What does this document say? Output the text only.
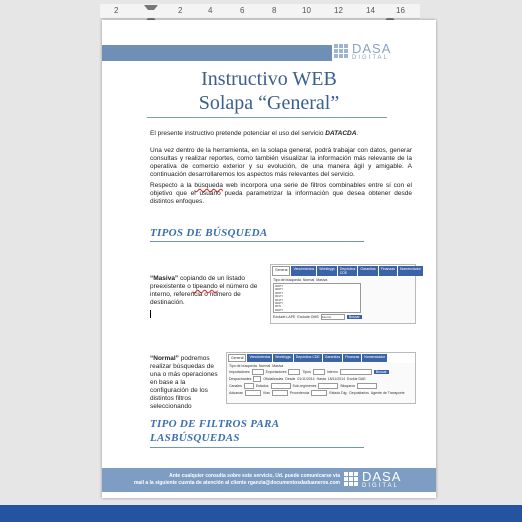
2	2	4	6	8	10	12	14	16
DASA
DIGITAL
Instructivo WEB
Solapa “General”
El presente instructivo pretende potenciar el uso del servicio DATACDA.
Una vez dentro de la herramienta, en la solapa general, podrá trabajar con datos, generar consultas y realizar reportes, como también visualizar la información más relevante de la operativa de comercio exterior y su evolución, de una manera ágil y amigable. A continuación desarrollaremos los aspectos más relevantes del servicio.
Respecto a la búsqueda web incorpora una serie de filtros combinables entre sí con el objetivo que el usuario pueda parametrizar la información que desea obtener desde distintos enfoques.
TIPOS DE BÚSQUEDA
“Masiva” copiando de un listado preexistente o tipeando el número de interno, referencia o número de destinación.
General	Vencimientos	Workbygs	Depósitos CDE
Garantías	Finanzas	Nomenclador
Tipo de búsqueda Normal Masiva
000TI
000TI
000TI
001TI
001TI
000TI
00TI
000TI
Exclude LAPE Exclude OMS	Interno	Buscar
“Normal” podremos realizar búsquedas de una o más operaciones en base a la configuración de los distintos filtros seleccionando
General	Vencimientos	Workbygs	Depósitos CDE	Garantías	Finanzas	Nomenclador
Tipo de búsqueda Normal Masiva
Importadores	Exportadores	Tipos	Interno	Buscar
Despachantes	Oficializadas Desde 01/11/2014 Hasta 18/11/2014 Excluir DAE
Canales	Estados	Sub-regímenes	Bloqueos
Aduanas	Vías	Procedencia	Estado Dig. Depositarios Agente de Transporte
TIPO DE FILTROS PARA
LASBÚSQUEDAS
Ante cualquier consulta sobre este servicio, Ud. puede comunicarse via
mail a la siguiente cuenta de atención al cliente rganzia@documentosdaduaneros.com DASA
DIGITAL
